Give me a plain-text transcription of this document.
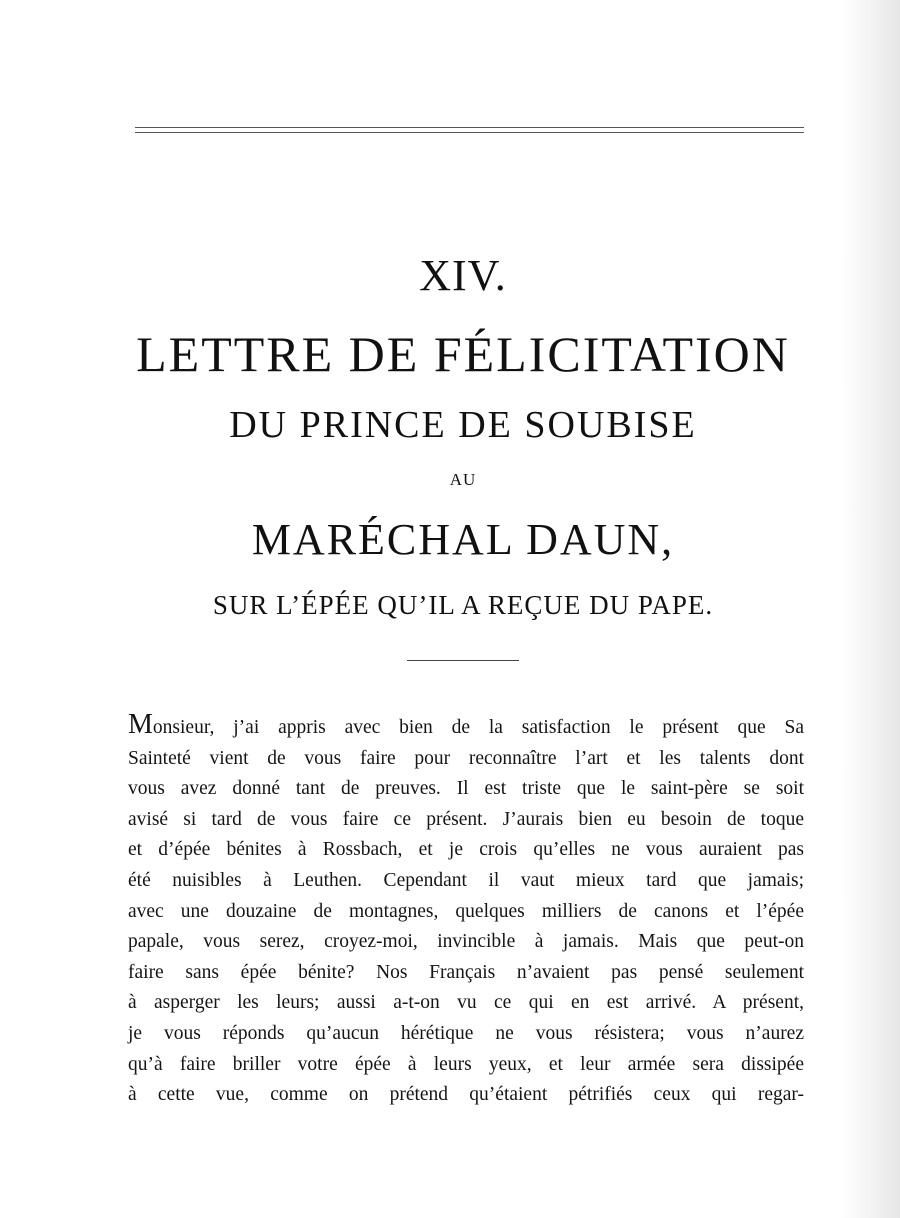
XIV.
LETTRE DE FÉLICITATION
DU PRINCE DE SOUBISE
AU
MARÉCHAL DAUN,
SUR L’ÉPÉE QU’IL A REÇUE DU PAPE.
Monsieur, j’ai appris avec bien de la satisfaction le présent que Sa
Sainteté vient de vous faire pour reconnaître l’art et les talents dont
vous avez donné tant de preuves. Il est triste que le saint-père se soit
avisé si tard de vous faire ce présent. J’aurais bien eu besoin de toque
et d’épée bénites à Rossbach, et je crois qu’elles ne vous auraient pas
été nuisibles à Leuthen. Cependant il vaut mieux tard que jamais;
avec une douzaine de montagnes, quelques milliers de canons et l’épée
papale, vous serez, croyez-moi, invincible à jamais. Mais que peut-on
faire sans épée bénite? Nos Français n’avaient pas pensé seulement
à asperger les leurs; aussi a-t-on vu ce qui en est arrivé. A présent,
je vous réponds qu’aucun hérétique ne vous résistera; vous n’aurez
qu’à faire briller votre épée à leurs yeux, et leur armée sera dissipée
à cette vue, comme on prétend qu’étaient pétrifiés ceux qui regar-
